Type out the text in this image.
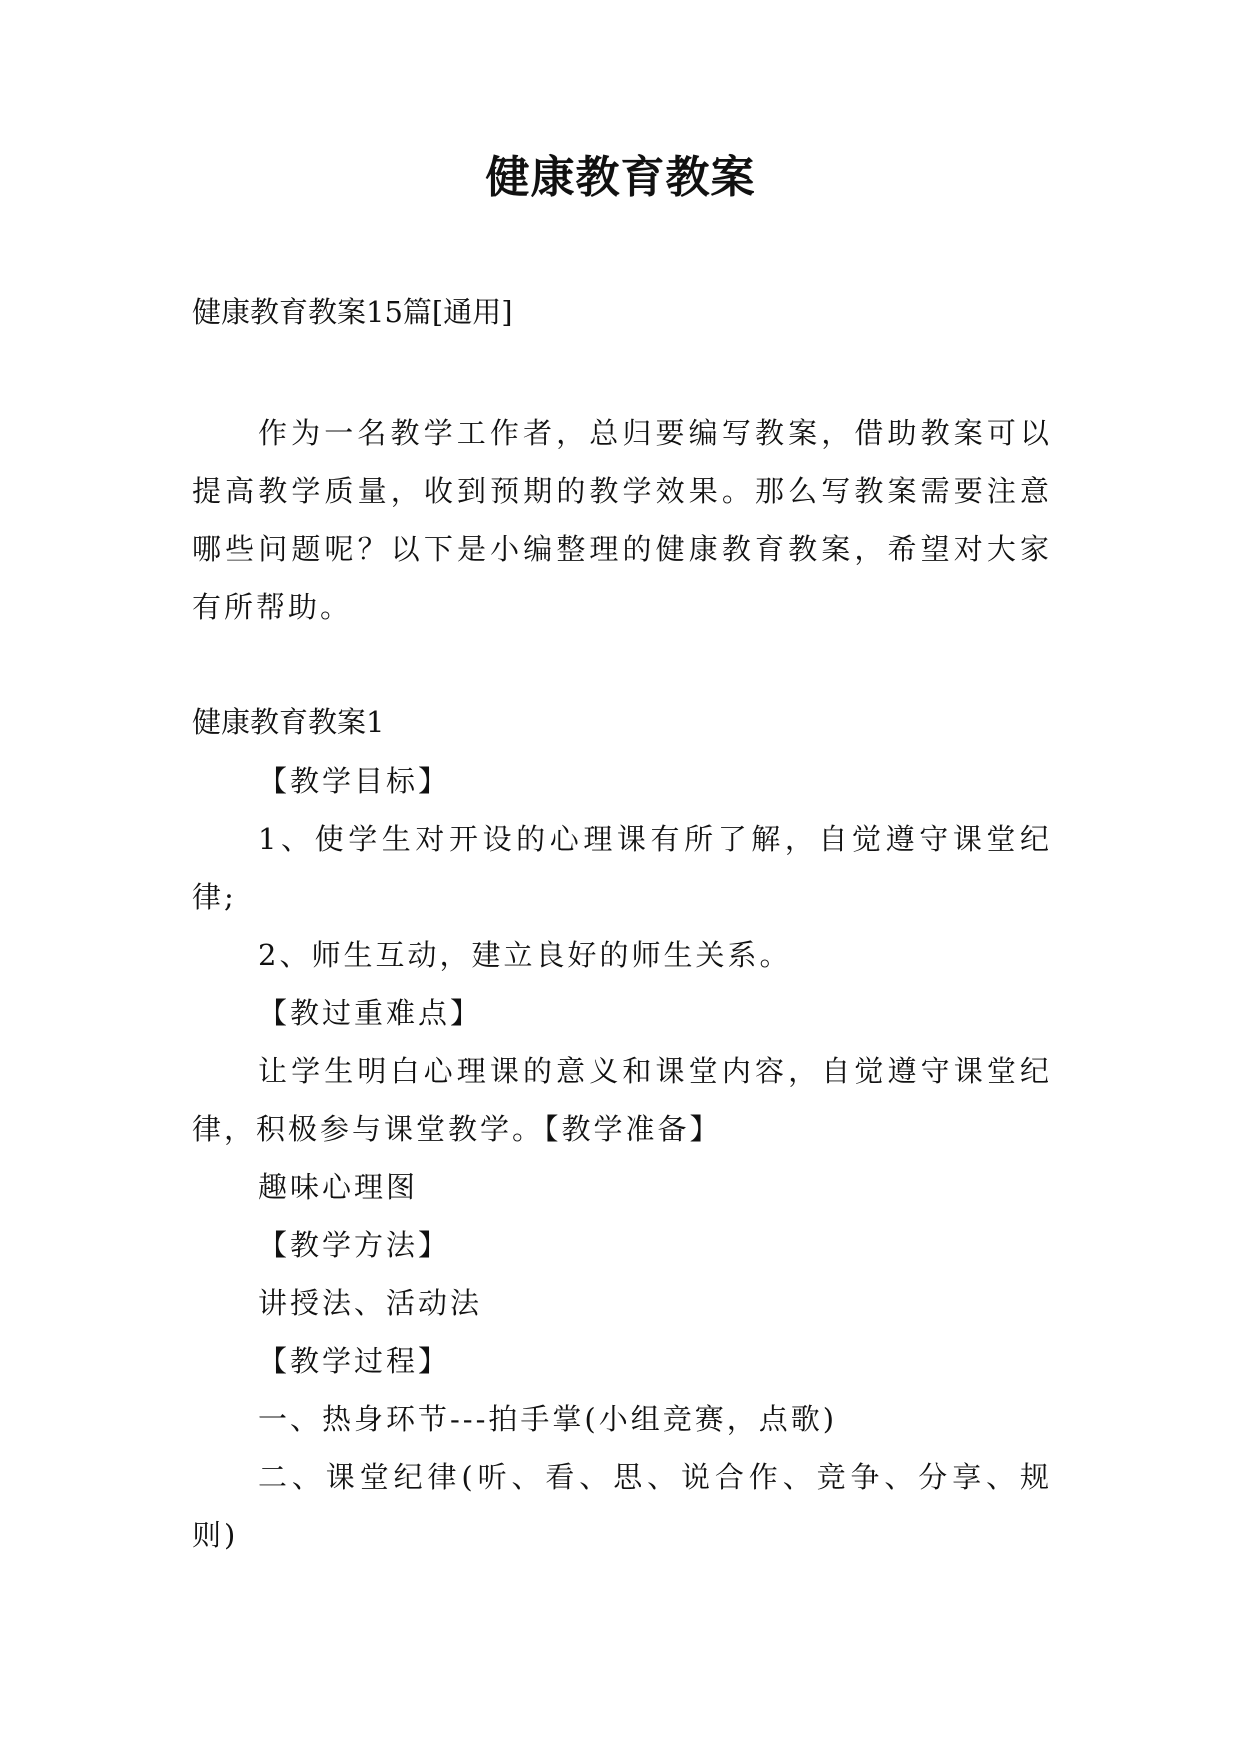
健康教育教案

健康教育教案15篇[通用]

作为一名教学工作者，总归要编写教案，借助教案可以提高教学质量，收到预期的教学效果。那么写教案需要注意哪些问题呢？以下是小编整理的健康教育教案，希望对大家有所帮助。

健康教育教案1

【教学目标】

1、使学生对开设的心理课有所了解，自觉遵守课堂纪律;

2、师生互动，建立良好的师生关系。

【教过重难点】

让学生明白心理课的意义和课堂内容，自觉遵守课堂纪律，积极参与课堂教学。【教学准备】

趣味心理图

【教学方法】

讲授法、活动法

【教学过程】

一、热身环节---拍手掌(小组竞赛，点歌)

二、课堂纪律(听、看、思、说合作、竞争、分享、规则)
